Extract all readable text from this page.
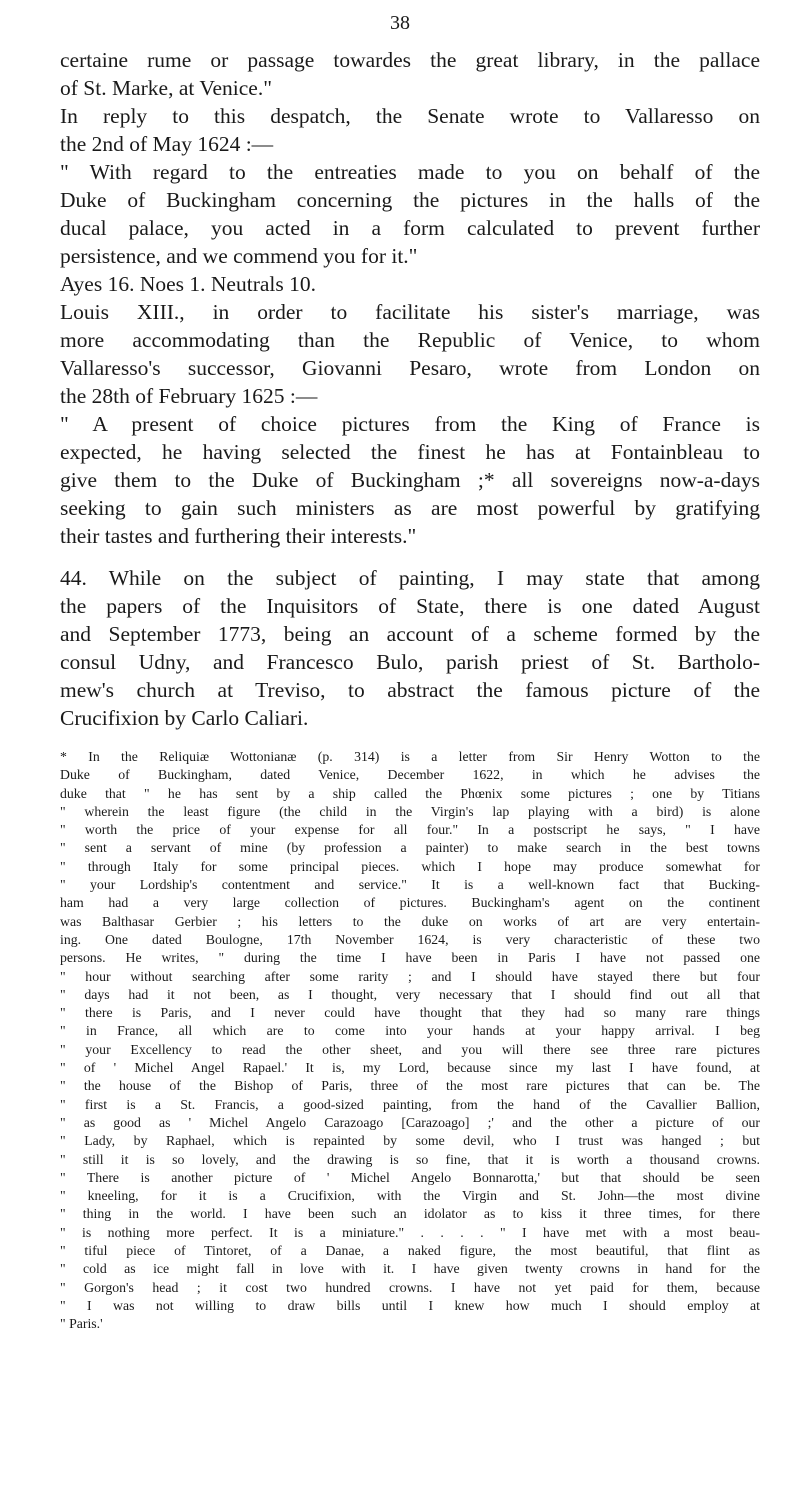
38
certaine rume or passage towardes the great library, in the pallace
of St. Marke, at Venice."
In reply to this despatch, the Senate wrote to Vallaresso on
the 2nd of May 1624 :—
" With regard to the entreaties made to you on behalf of the
Duke of Buckingham concerning the pictures in the halls of the
ducal palace, you acted in a form calculated to prevent further
persistence, and we commend you for it."
Ayes 16. Noes 1. Neutrals 10.
Louis XIII., in order to facilitate his sister's marriage, was
more accommodating than the Republic of Venice, to whom
Vallaresso's successor, Giovanni Pesaro, wrote from London on
the 28th of February 1625 :—
" A present of choice pictures from the King of France is
expected, he having selected the finest he has at Fontainbleau to
give them to the Duke of Buckingham ;* all sovereigns now-a-days
seeking to gain such ministers as are most powerful by gratifying
their tastes and furthering their interests."
44. While on the subject of painting, I may state that among
the papers of the Inquisitors of State, there is one dated August
and September 1773, being an account of a scheme formed by the
consul Udny, and Francesco Bulo, parish priest of St. Bartholo-
mew's church at Treviso, to abstract the famous picture of the
Crucifixion by Carlo Caliari.
* In the Reliquiæ Wottonianæ (p. 314) is a letter from Sir Henry Wotton to the
Duke of Buckingham, dated Venice, December 1622, in which he advises the
duke that " he has sent by a ship called the Phœnix some pictures ; one by Titians
" wherein the least figure (the child in the Virgin's lap playing with a bird) is alone
" worth the price of your expense for all four." In a postscript he says, " I have
" sent a servant of mine (by profession a painter) to make search in the best towns
" through Italy for some principal pieces. which I hope may produce somewhat for
" your Lordship's contentment and service." It is a well-known fact that Bucking-
ham had a very large collection of pictures. Buckingham's agent on the continent
was Balthasar Gerbier ; his letters to the duke on works of art are very entertain-
ing. One dated Boulogne, 17th November 1624, is very characteristic of these two
persons. He writes, " during the time I have been in Paris I have not passed one
" hour without searching after some rarity ; and I should have stayed there but four
" days had it not been, as I thought, very necessary that I should find out all that
" there is Paris, and I never could have thought that they had so many rare things
" in France, all which are to come into your hands at your happy arrival. I beg
" your Excellency to read the other sheet, and you will there see three rare pictures
" of ' Michel Angel Rapael.' It is, my Lord, because since my last I have found, at
" the house of the Bishop of Paris, three of the most rare pictures that can be. The
" first is a St. Francis, a good-sized painting, from the hand of the Cavallier Ballion,
" as good as ' Michel Angelo Carazoago [Carazoago] ;' and the other a picture of our
" Lady, by Raphael, which is repainted by some devil, who I trust was hanged ; but
" still it is so lovely, and the drawing is so fine, that it is worth a thousand crowns.
" There is another picture of ' Michel Angelo Bonnarotta,' but that should be seen
" kneeling, for it is a Crucifixion, with the Virgin and St. John—the most divine
" thing in the world. I have been such an idolator as to kiss it three times, for there
" is nothing more perfect. It is a miniature." . . . . " I have met with a most beau-
" tiful piece of Tintoret, of a Danae, a naked figure, the most beautiful, that flint as
" cold as ice might fall in love with it. I have given twenty crowns in hand for the
" Gorgon's head ; it cost two hundred crowns. I have not yet paid for them, because
" I was not willing to draw bills until I knew how much I should employ at
" Paris.'
